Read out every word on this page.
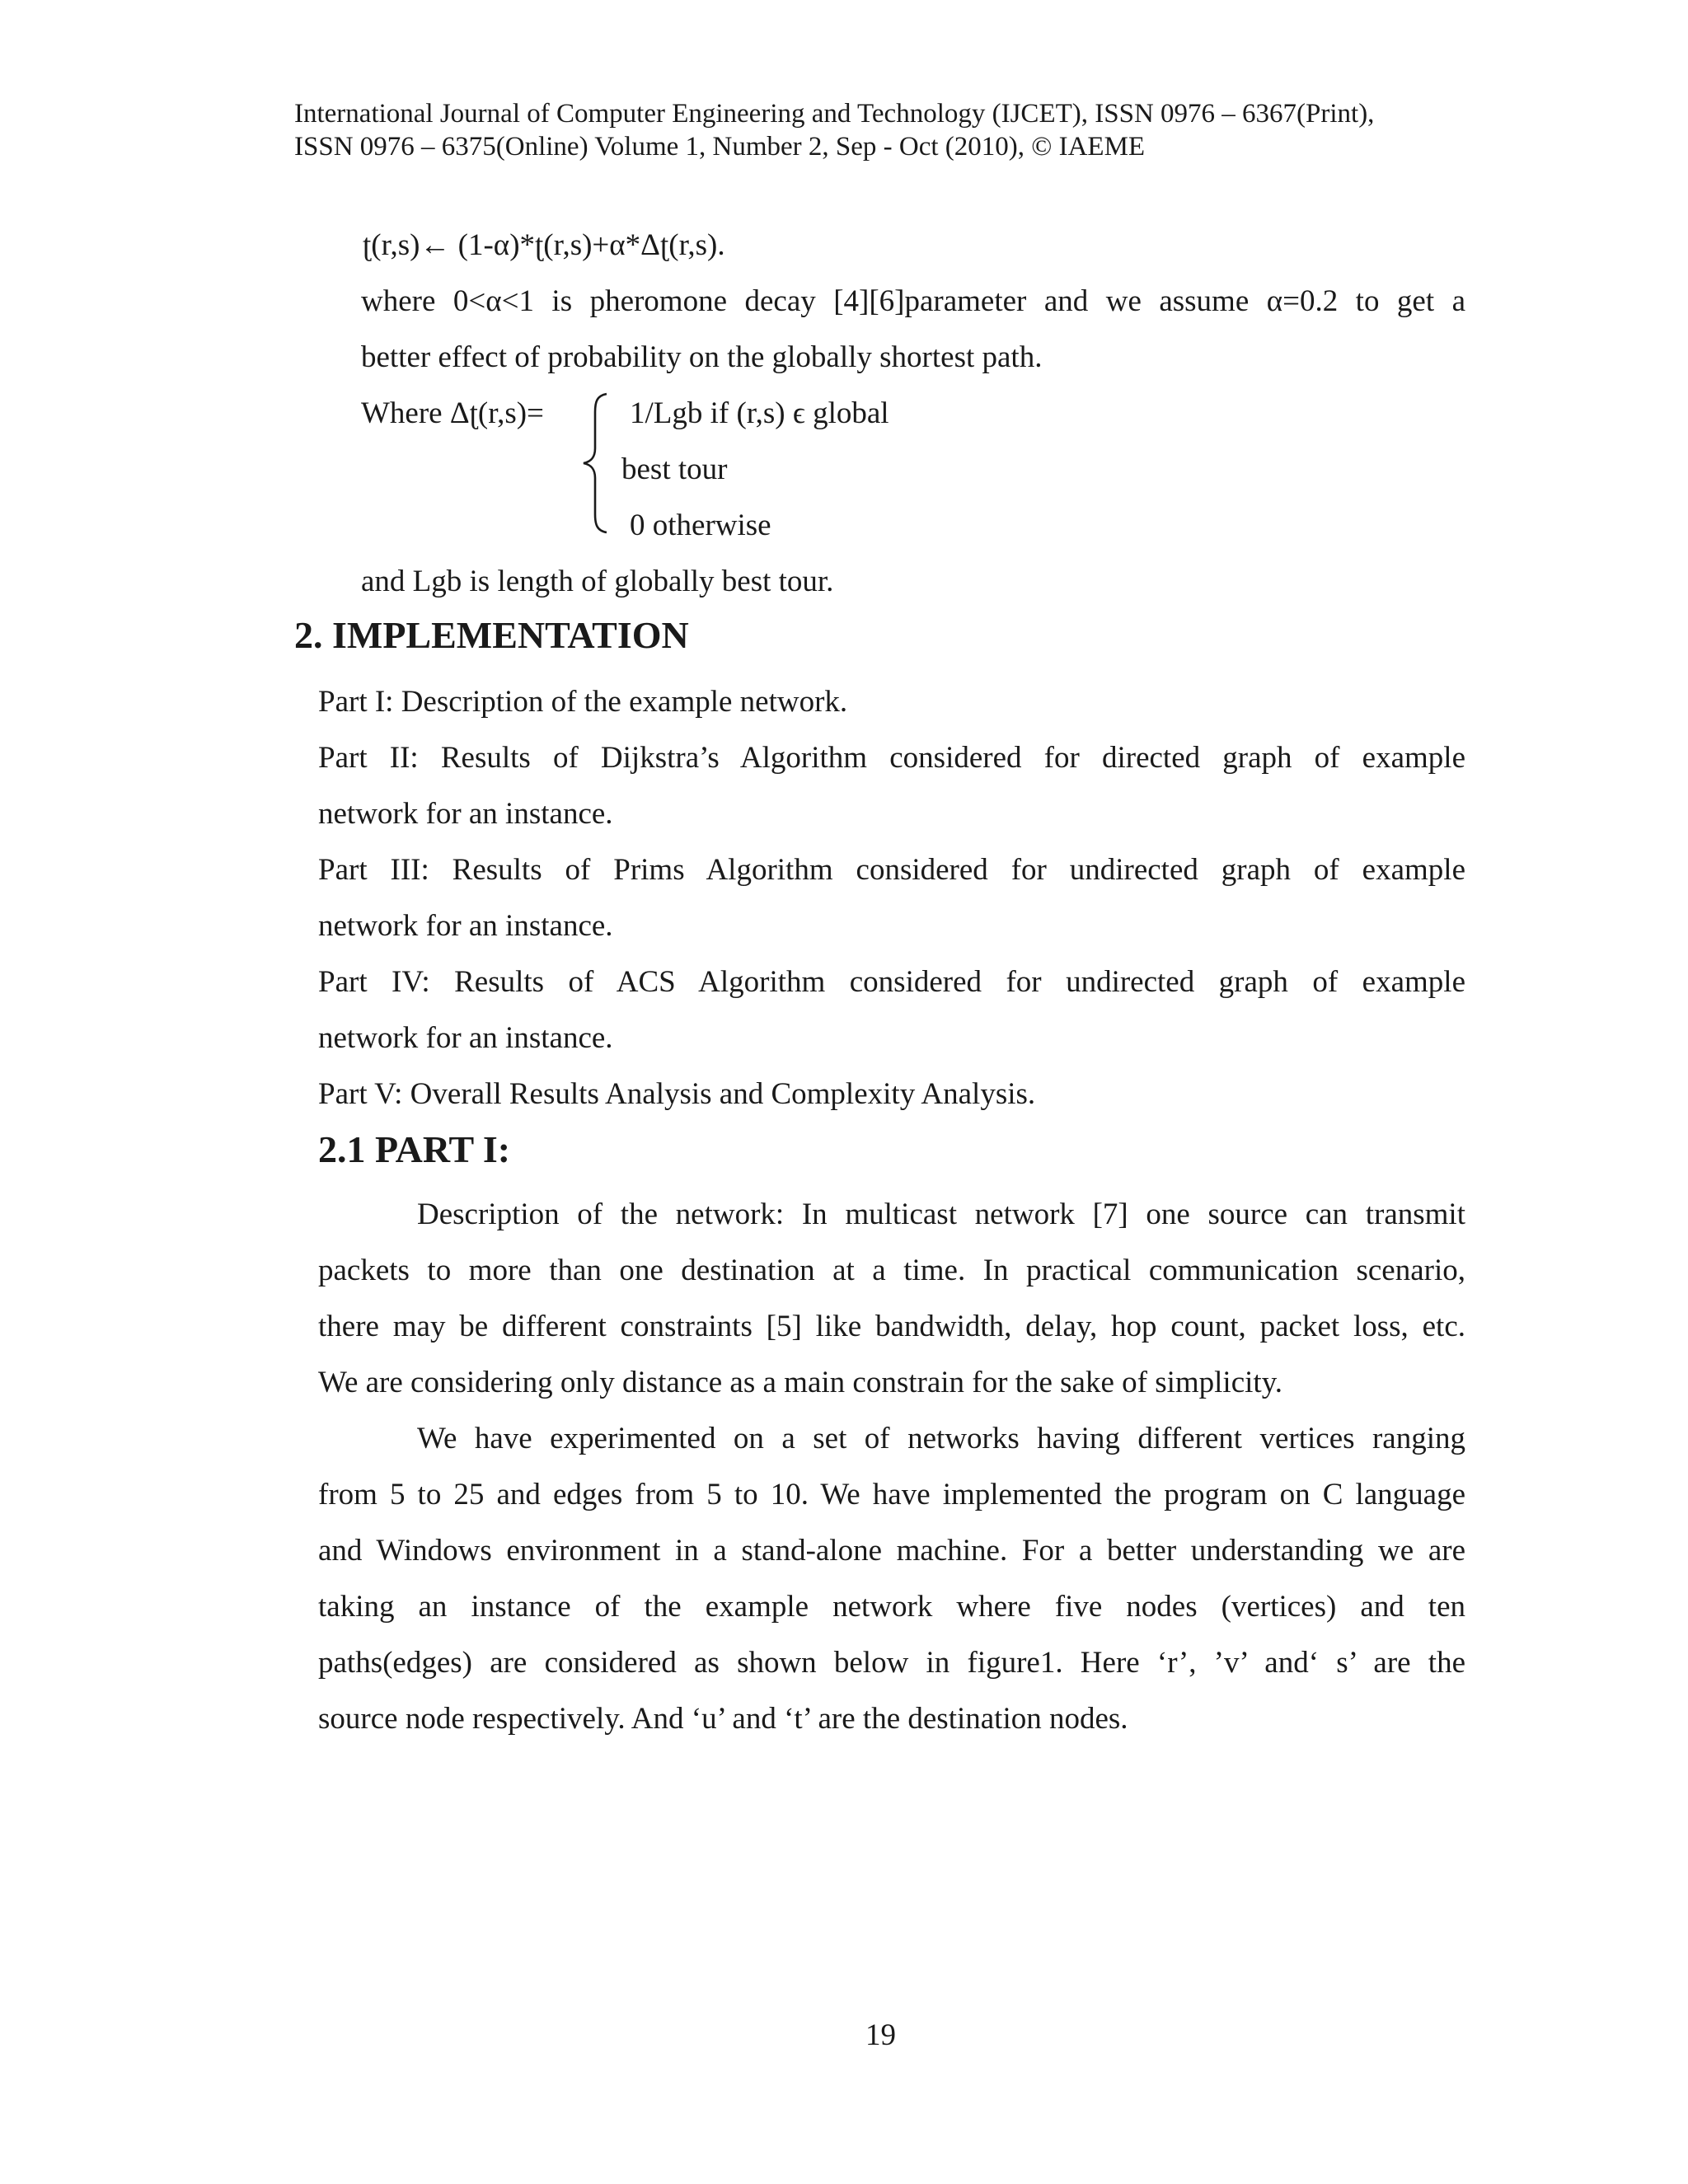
International Journal of Computer Engineering and Technology (IJCET), ISSN 0976 – 6367(Print),
ISSN 0976 – 6375(Online) Volume 1, Number 2, Sep - Oct (2010), © IAEME
ʈ(r,s)← (1-α)*ʈ(r,s)+α*Δʈ(r,s).
where 0<α<1 is pheromone decay [4][6]parameter and we assume α=0.2 to get a
better effect of probability on the globally shortest path.
Where Δʈ(r,s)=	1/Lgb if (r,s) ϵ global
best tour
0 otherwise
and Lgb is length of globally best tour.
2. IMPLEMENTATION
Part I: Description of the example network.
Part II: Results of Dijkstra’s Algorithm considered for directed graph of example
network for an instance.
Part III: Results of Prims Algorithm considered for undirected graph of example
network for an instance.
Part IV: Results of ACS Algorithm considered for undirected graph of example
network for an instance.
Part V: Overall Results Analysis and Complexity Analysis.
2.1 PART I:
Description of the network: In multicast network [7] one source can transmit
packets to more than one destination at a time. In practical communication scenario,
there may be different constraints [5] like bandwidth, delay, hop count, packet loss, etc.
We are considering only distance as a main constrain for the sake of simplicity.
We have experimented on a set of networks having different vertices ranging
from 5 to 25 and edges from 5 to 10. We have implemented the program on C language
and Windows environment in a stand-alone machine. For a better understanding we are
taking an instance of the example network where five nodes (vertices) and ten
paths(edges) are considered as shown below in figure1. Here ‘r’, ’v’ and‘ s’ are the
source node respectively. And ‘u’ and ‘t’ are the destination nodes.
19
